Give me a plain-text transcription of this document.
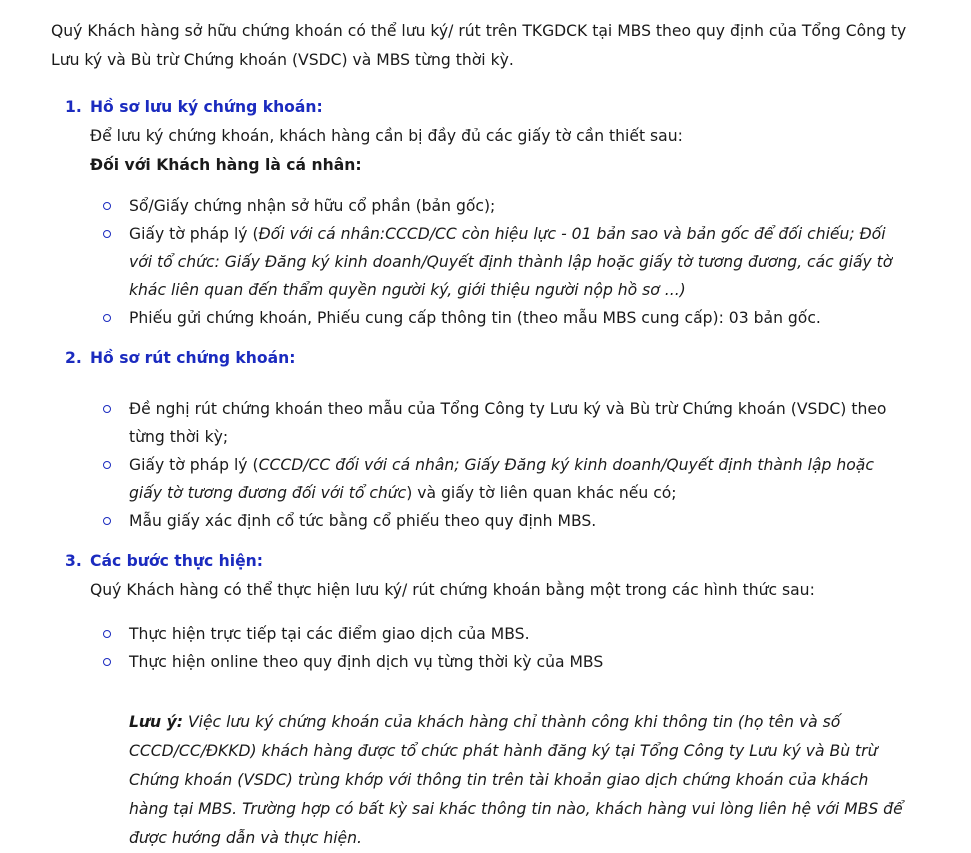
Quý Khách hàng sở hữu chứng khoán có thể lưu ký/ rút trên TKGDCK tại MBS theo quy định của Tổng Công ty Lưu ký và Bù trừ Chứng khoán (VSDC) và MBS từng thời kỳ.

1. Hồ sơ lưu ký chứng khoán:

Để lưu ký chứng khoán, khách hàng cần bị đầy đủ các giấy tờ cần thiết sau:

Đối với Khách hàng là cá nhân:

Sổ/Giấy chứng nhận sở hữu cổ phần (bản gốc);
Giấy tờ pháp lý (Đối với cá nhân:CCCD/CC còn hiệu lực - 01 bản sao và bản gốc để đối chiếu; Đối với tổ chức: Giấy Đăng ký kinh doanh/Quyết định thành lập hoặc giấy tờ tương đương, các giấy tờ khác liên quan đến thẩm quyền người ký, giới thiệu người nộp hồ sơ ...)
Phiếu gửi chứng khoán, Phiếu cung cấp thông tin (theo mẫu MBS cung cấp): 03 bản gốc.
2. Hồ sơ rút chứng khoán:
Đề nghị rút chứng khoán theo mẫu của Tổng Công ty Lưu ký và Bù trừ Chứng khoán (VSDC) theo từng thời kỳ;
Giấy tờ pháp lý (CCCD/CC đối với cá nhân; Giấy Đăng ký kinh doanh/Quyết định thành lập hoặc giấy tờ tương đương đối với tổ chức) và giấy tờ liên quan khác nếu có;
Mẫu giấy xác định cổ tức bằng cổ phiếu theo quy định MBS.
3. Các bước thực hiện:

Quý Khách hàng có thể thực hiện lưu ký/ rút chứng khoán bằng một trong các hình thức sau:

Thực hiện trực tiếp tại các điểm giao dịch của MBS.
Thực hiện online theo quy định dịch vụ từng thời kỳ của MBS

Lưu ý: Việc lưu ký chứng khoán của khách hàng chỉ thành công khi thông tin (họ tên và số CCCD/CC/ĐKKD) khách hàng được tổ chức phát hành đăng ký tại Tổng Công ty Lưu ký và Bù trừ Chứng khoán (VSDC) trùng khớp với thông tin trên tài khoản giao dịch chứng khoán của khách hàng tại MBS. Trường hợp có bất kỳ sai khác thông tin nào, khách hàng vui lòng liên hệ với MBS để được hướng dẫn và thực hiện.
